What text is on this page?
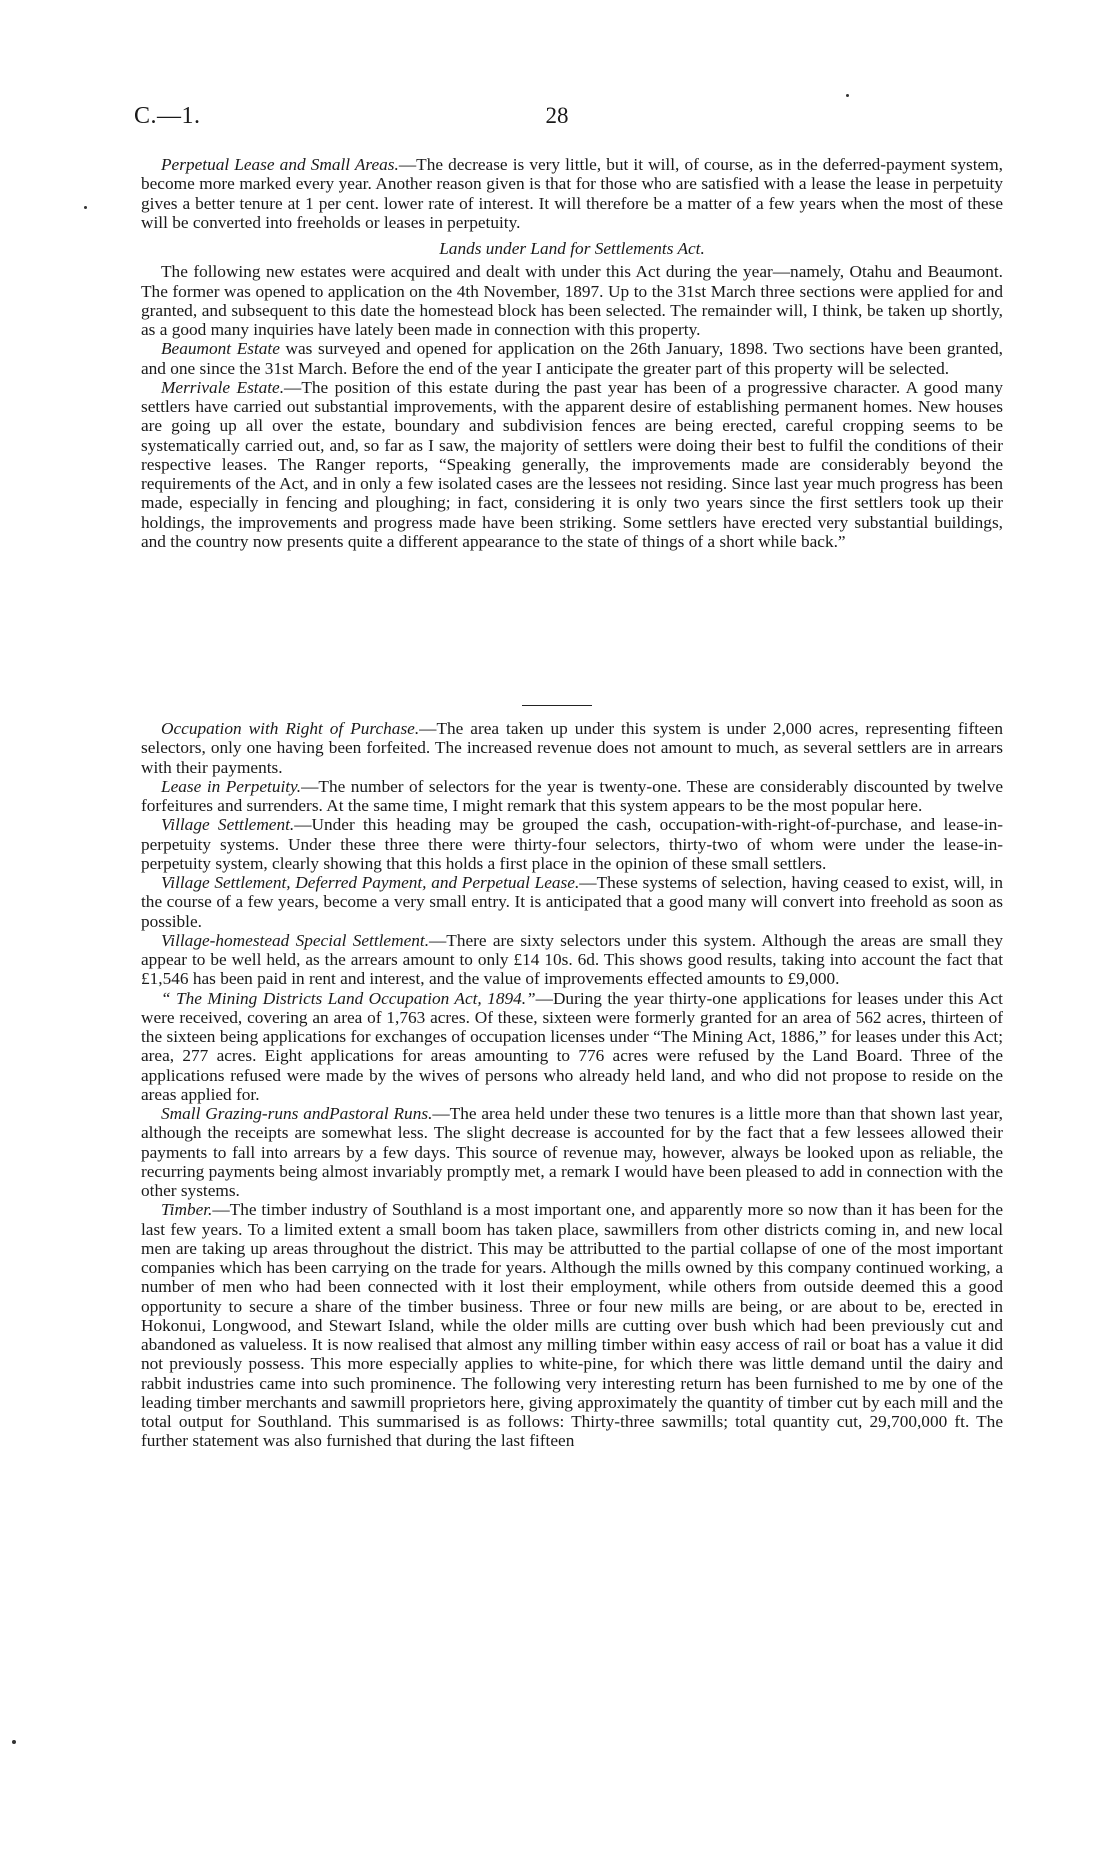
C.—1.	28

Perpetual Lease and Small Areas.—The decrease is very little, but it will, of course, as in the deferred-payment system, become more marked every year. Another reason given is that for those who are satisfied with a lease the lease in perpetuity gives a better tenure at 1 per cent. lower rate of interest. It will therefore be a matter of a few years when the most of these will be converted into freeholds or leases in perpetuity.

Lands under Land for Settlements Act.

The following new estates were acquired and dealt with under this Act during the year—namely, Otahu and Beaumont. The former was opened to application on the 4th November, 1897. Up to the 31st March three sections were applied for and granted, and subsequent to this date the homestead block has been selected. The remainder will, I think, be taken up shortly, as a good many inquiries have lately been made in connection with this property.

Beaumont Estate was surveyed and opened for application on the 26th January, 1898. Two sections have been granted, and one since the 31st March. Before the end of the year I anticipate the greater part of this property will be selected.

Merrivale Estate.—The position of this estate during the past year has been of a progressive character. A good many settlers have carried out substantial improvements, with the apparent desire of establishing permanent homes. New houses are going up all over the estate, boundary and subdivision fences are being erected, careful cropping seems to be systematically carried out, and, so far as I saw, the majority of settlers were doing their best to fulfil the conditions of their respective leases. The Ranger reports, “Speaking generally, the improvements made are considerably beyond the requirements of the Act, and in only a few isolated cases are the lessees not residing. Since last year much progress has been made, especially in fencing and ploughing; in fact, considering it is only two years since the first settlers took up their holdings, the improvements and progress made have been striking. Some settlers have erected very substantial buildings, and the country now presents quite a different appearance to the state of things of a short while back.”

Occupation with Right of Purchase.—The area taken up under this system is under 2,000 acres, representing fifteen selectors, only one having been forfeited. The increased revenue does not amount to much, as several settlers are in arrears with their payments.

Lease in Perpetuity.—The number of selectors for the year is twenty-one. These are considerably discounted by twelve forfeitures and surrenders. At the same time, I might remark that this system appears to be the most popular here.

Village Settlement.—Under this heading may be grouped the cash, occupation-with-right-of-purchase, and lease-in-perpetuity systems. Under these three there were thirty-four selectors, thirty-two of whom were under the lease-in-perpetuity system, clearly showing that this holds a first place in the opinion of these small settlers.

Village Settlement, Deferred Payment, and Perpetual Lease.—These systems of selection, having ceased to exist, will, in the course of a few years, become a very small entry. It is anticipated that a good many will convert into freehold as soon as possible.

Village-homestead Special Settlement.—There are sixty selectors under this system. Although the areas are small they appear to be well held, as the arrears amount to only £14 10s. 6d. This shows good results, taking into account the fact that £1,546 has been paid in rent and interest, and the value of improvements effected amounts to £9,000.

“ The Mining Districts Land Occupation Act, 1894.”—During the year thirty-one applications for leases under this Act were received, covering an area of 1,763 acres. Of these, sixteen were formerly granted for an area of 562 acres, thirteen of the sixteen being applications for exchanges of occupation licenses under “The Mining Act, 1886,” for leases under this Act; area, 277 acres. Eight applications for areas amounting to 776 acres were refused by the Land Board. Three of the applications refused were made by the wives of persons who already held land, and who did not propose to reside on the areas applied for.

Small Grazing-runs andPastoral Runs.—The area held under these two tenures is a little more than that shown last year, although the receipts are somewhat less. The slight decrease is accounted for by the fact that a few lessees allowed their payments to fall into arrears by a few days. This source of revenue may, however, always be looked upon as reliable, the recurring payments being almost invariably promptly met, a remark I would have been pleased to add in connection with the other systems.

Timber.—The timber industry of Southland is a most important one, and apparently more so now than it has been for the last few years. To a limited extent a small boom has taken place, sawmillers from other districts coming in, and new local men are taking up areas throughout the district. This may be attributted to the partial collapse of one of the most important companies which has been carrying on the trade for years. Although the mills owned by this company continued working, a number of men who had been connected with it lost their employment, while others from outside deemed this a good opportunity to secure a share of the timber business. Three or four new mills are being, or are about to be, erected in Hokonui, Longwood, and Stewart Island, while the older mills are cutting over bush which had been previously cut and abandoned as valueless. It is now realised that almost any milling timber within easy access of rail or boat has a value it did not previously possess. This more especially applies to white-pine, for which there was little demand until the dairy and rabbit industries came into such prominence. The following very interesting return has been furnished to me by one of the leading timber merchants and sawmill proprietors here, giving approximately the quantity of timber cut by each mill and the total output for Southland. This summarised is as follows: Thirty-three sawmills; total quantity cut, 29,700,000 ft. The further statement was also furnished that during the last fifteen
